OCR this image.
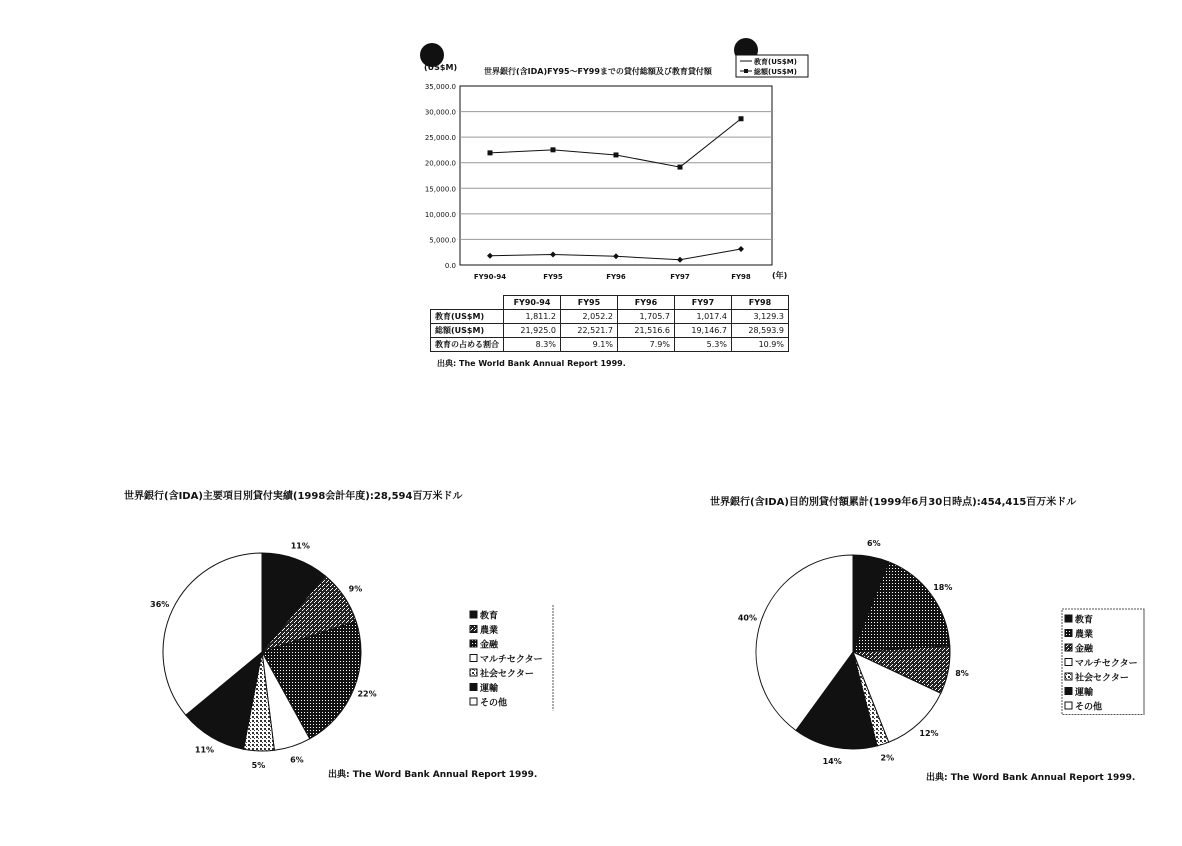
世界銀行(含IDA)FY95～FY99までの貸付総額及び教育貸付額
(US$M)
(年)
0.0
5,000.0
10,000.0
15,000.0
20,000.0
25,000.0
30,000.0
35,000.0
FY90-94	FY95	FY96	FY97	FY98
教育(US$M)
総額(US$M)
11%
9%
22%
6%
5%
11%
36%
教育
農業
金融
マルチセクター
社会セクター
運輸
その他
6%
18%
8%
12%
2%
14%
40%	教育
農業
金融
マルチセクター
社会セクター
運輸
その他
	FY90-94	FY95	FY96	FY97	FY98
教育(US$M)	1,811.2	2,052.2	1,705.7	1,017.4	3,129.3
総額(US$M)	21,925.0	22,521.7	21,516.6	19,146.7	28,593.9
教育の占める割合	8.3%	9.1%	7.9%	5.3%	10.9%
出典: The World Bank Annual Report 1999.
世界銀行(含IDA)主要項目別貸付実績(1998会計年度):28,594百万米ドル
世界銀行(含IDA)目的別貸付額累計(1999年6月30日時点):454,415百万米ドル
出典: The Word Bank Annual Report 1999.	出典: The Word Bank Annual Report 1999.
